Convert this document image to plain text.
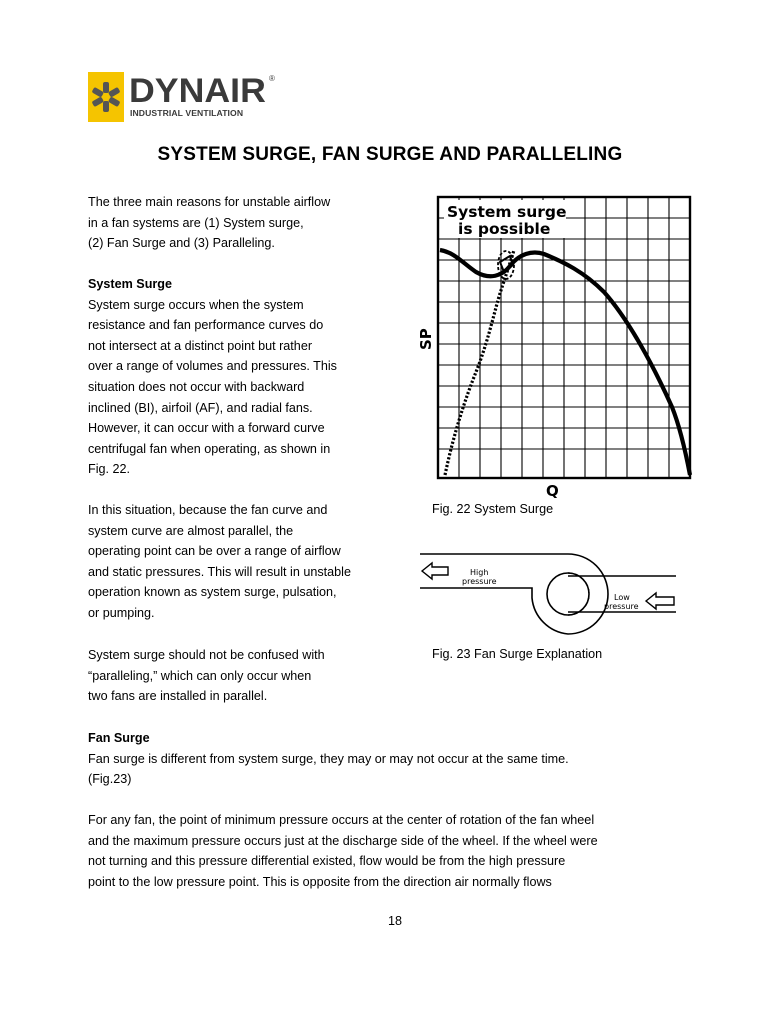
DYNAIR ®
INDUSTRIAL VENTILATION
SYSTEM SURGE, FAN SURGE AND PARALLELING

The three main reasons for unstable airflow

in a fan systems are (1) System surge,

(2) Fan Surge and (3) Paralleling.

System Surge

System surge occurs when the system

resistance and fan performance curves do

not intersect at a distinct point but rather

over a range of volumes and pressures. This

situation does not occur with backward

inclined (BI), airfoil (AF), and radial fans.

However, it can occur with a forward curve

centrifugal fan when operating, as shown in

Fig. 22.

In this situation, because the fan curve and

system curve are almost parallel, the

operating point can be over a range of airflow

and static pressures. This will result in unstable

operation known as system surge, pulsation,

or pumping.

System surge should not be confused with

“paralleling,” which can only occur when

two fans are installed in parallel.

System surge
is possible
SP
Q
Fig. 22 System Surge
High
pressure
Low
pressure
Fig. 23 Fan Surge Explanation

Fan Surge

Fan surge is different from system surge, they may or may not occur at the same time.

(Fig.23)

For any fan, the point of minimum pressure occurs at the center of rotation of the fan wheel

and the maximum pressure occurs just at the discharge side of the wheel. If the wheel were

not turning and this pressure differential existed, flow would be from the high pressure

point to the low pressure point. This is opposite from the direction air normally flows

18
